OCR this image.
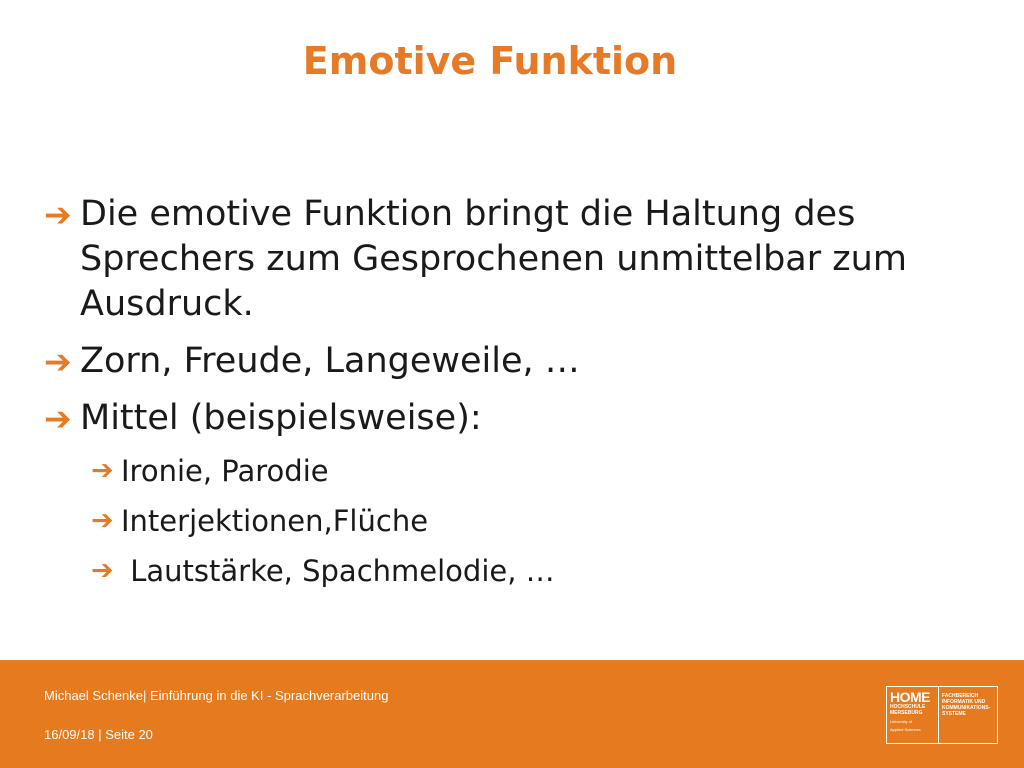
Emotive Funktion
➔ Die emotive Funktion bringt die Haltung des Sprechers zum Gesprochenen unmittelbar zum Ausdruck.
➔ Zorn, Freude, Langeweile, …
➔ Mittel (beispielsweise):
➔ Ironie, Parodie
➔ Interjektionen,Flüche
➔ Lautstärke, Spachmelodie, …
Michael Schenke| Einführung in die KI - Sprachverarbeitung
16/09/18 | Seite 20
HOME
HOCHSCHULE
MERSEBURG
University of
Applied Sciences
FACHBEREICH
INFORMATIK UND
KOMMUNIKATIONS-
SYSTEME
